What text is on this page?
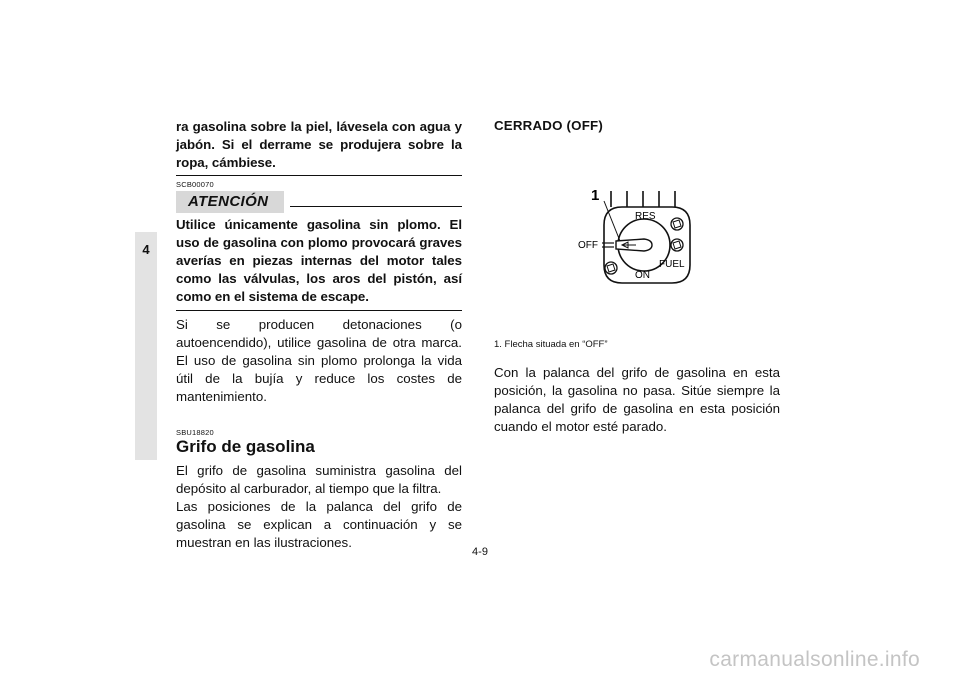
4

ra gasolina sobre la piel, lávesela con agua y jabón. Si el derrame se produjera sobre la ropa, cámbiese.

SCB00070

ATENCIÓN

Utilice únicamente gasolina sin plomo. El uso de gasolina con plomo provocará graves averías en piezas internas del motor tales como las válvulas, los aros del pistón, así como en el sistema de escape.

Si se producen detonaciones (o autoencendido), utilice gasolina de otra marca. El uso de gasolina sin plomo prolonga la vida útil de la bujía y reduce los costes de mantenimiento.

SBU18820

Grifo de gasolina

El grifo de gasolina suministra gasolina del depósito al carburador, al tiempo que la filtra.

Las posiciones de la palanca del grifo de gasolina se explican a continuación y se muestran en las ilustraciones.

CERRADO (OFF)

1
RES
OFF
FUEL
ON

1. Flecha situada en “OFF”

Con la palanca del grifo de gasolina en esta posición, la gasolina no pasa. Sitúe siempre la palanca del grifo de gasolina en esta posición cuando el motor esté parado.

4-9
carmanualsonline.info
